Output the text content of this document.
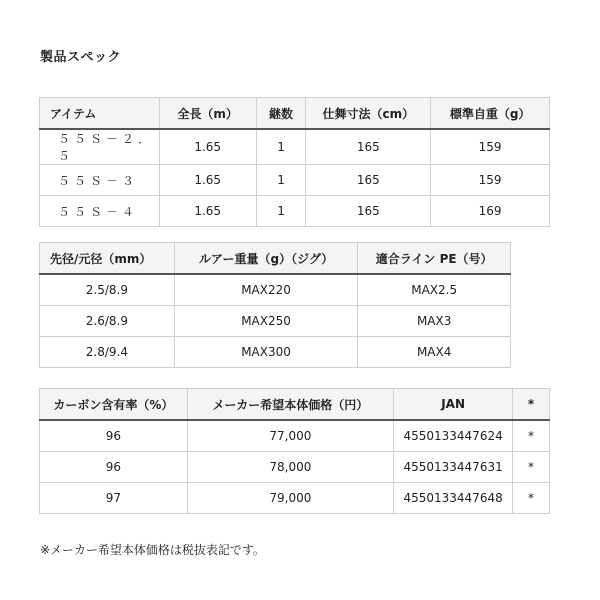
製品スペック
アイテム	全長（m）	継数	仕舞寸法（cm）	標準自重（g）
５５Ｓ－２．５	1.65	1	165	159
５５Ｓ－３	1.65	1	165	159
５５Ｓ－４	1.65	1	165	169
先径/元径（mm）	ルアー重量（g）（ジグ）	適合ライン PE（号）
2.5/8.9	MAX220	MAX2.5
2.6/8.9	MAX250	MAX3
2.8/9.4	MAX300	MAX4
カーボン含有率（%）	メーカー希望本体価格（円）	JAN	*
96	77,000	4550133447624	*
96	78,000	4550133447631	*
97	79,000	4550133447648	*
※メーカー希望本体価格は税抜表記です。
